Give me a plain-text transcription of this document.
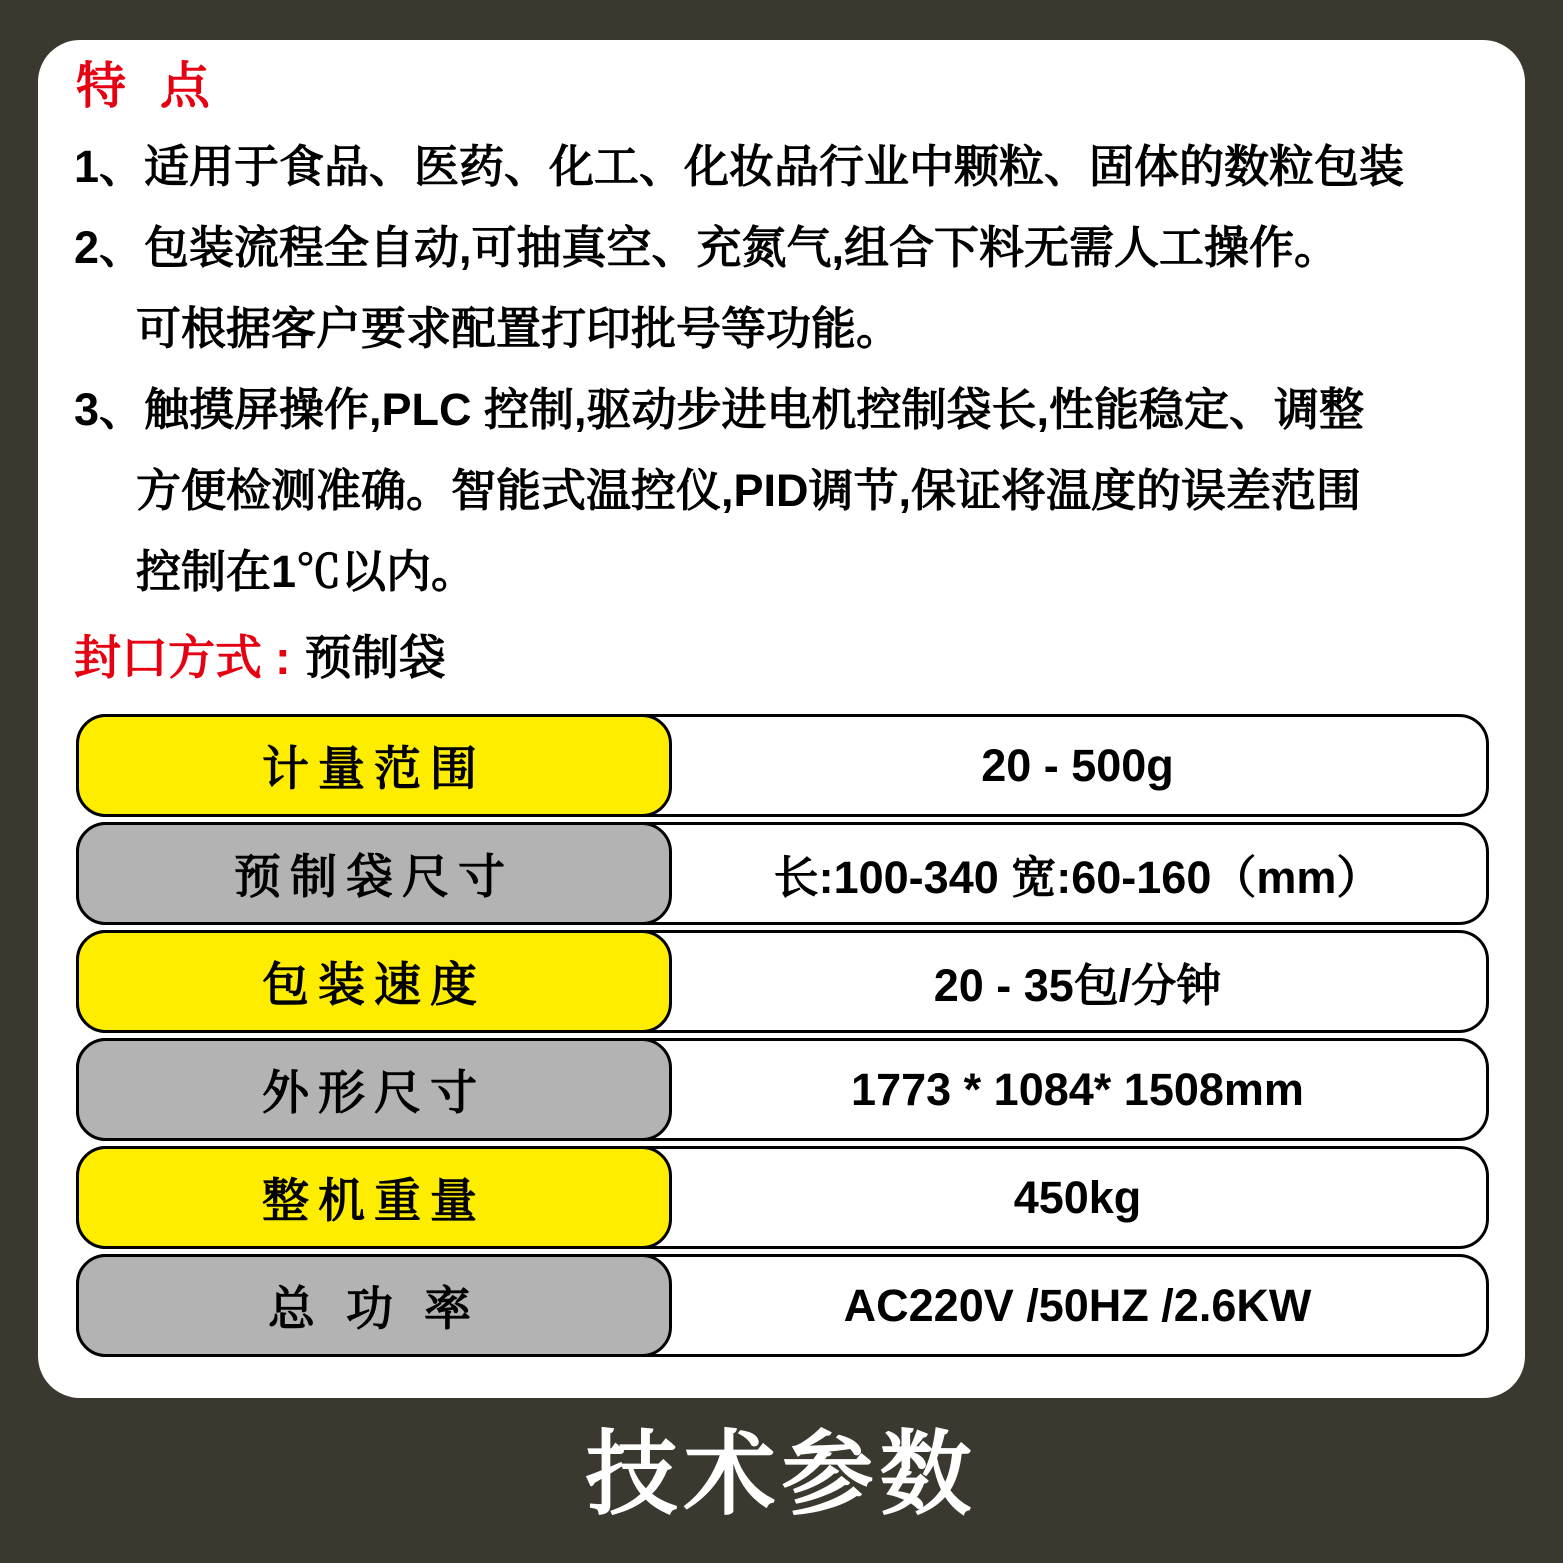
特 点
1、适用于食品、医药、化工、化妆品行业中颗粒、固体的数粒包装
2、包装流程全自动,可抽真空、充氮气,组合下料无需人工操作。
可根据客户要求配置打印批号等功能。
3、触摸屏操作,PLC 控制,驱动步进电机控制袋长,性能稳定、调整
方便检测准确。智能式温控仪,PID调节,保证将温度的误差范围
控制在1℃以内。
封口方式 : 预制袋
计量范围	20 - 500g
预制袋尺寸	长:100-340 宽:60-160（mm）
包装速度	20 - 35包/分钟
外形尺寸	1773 * 1084* 1508mm
整机重量	450kg
总 功 率	AC220V /50HZ /2.6KW
技术参数
